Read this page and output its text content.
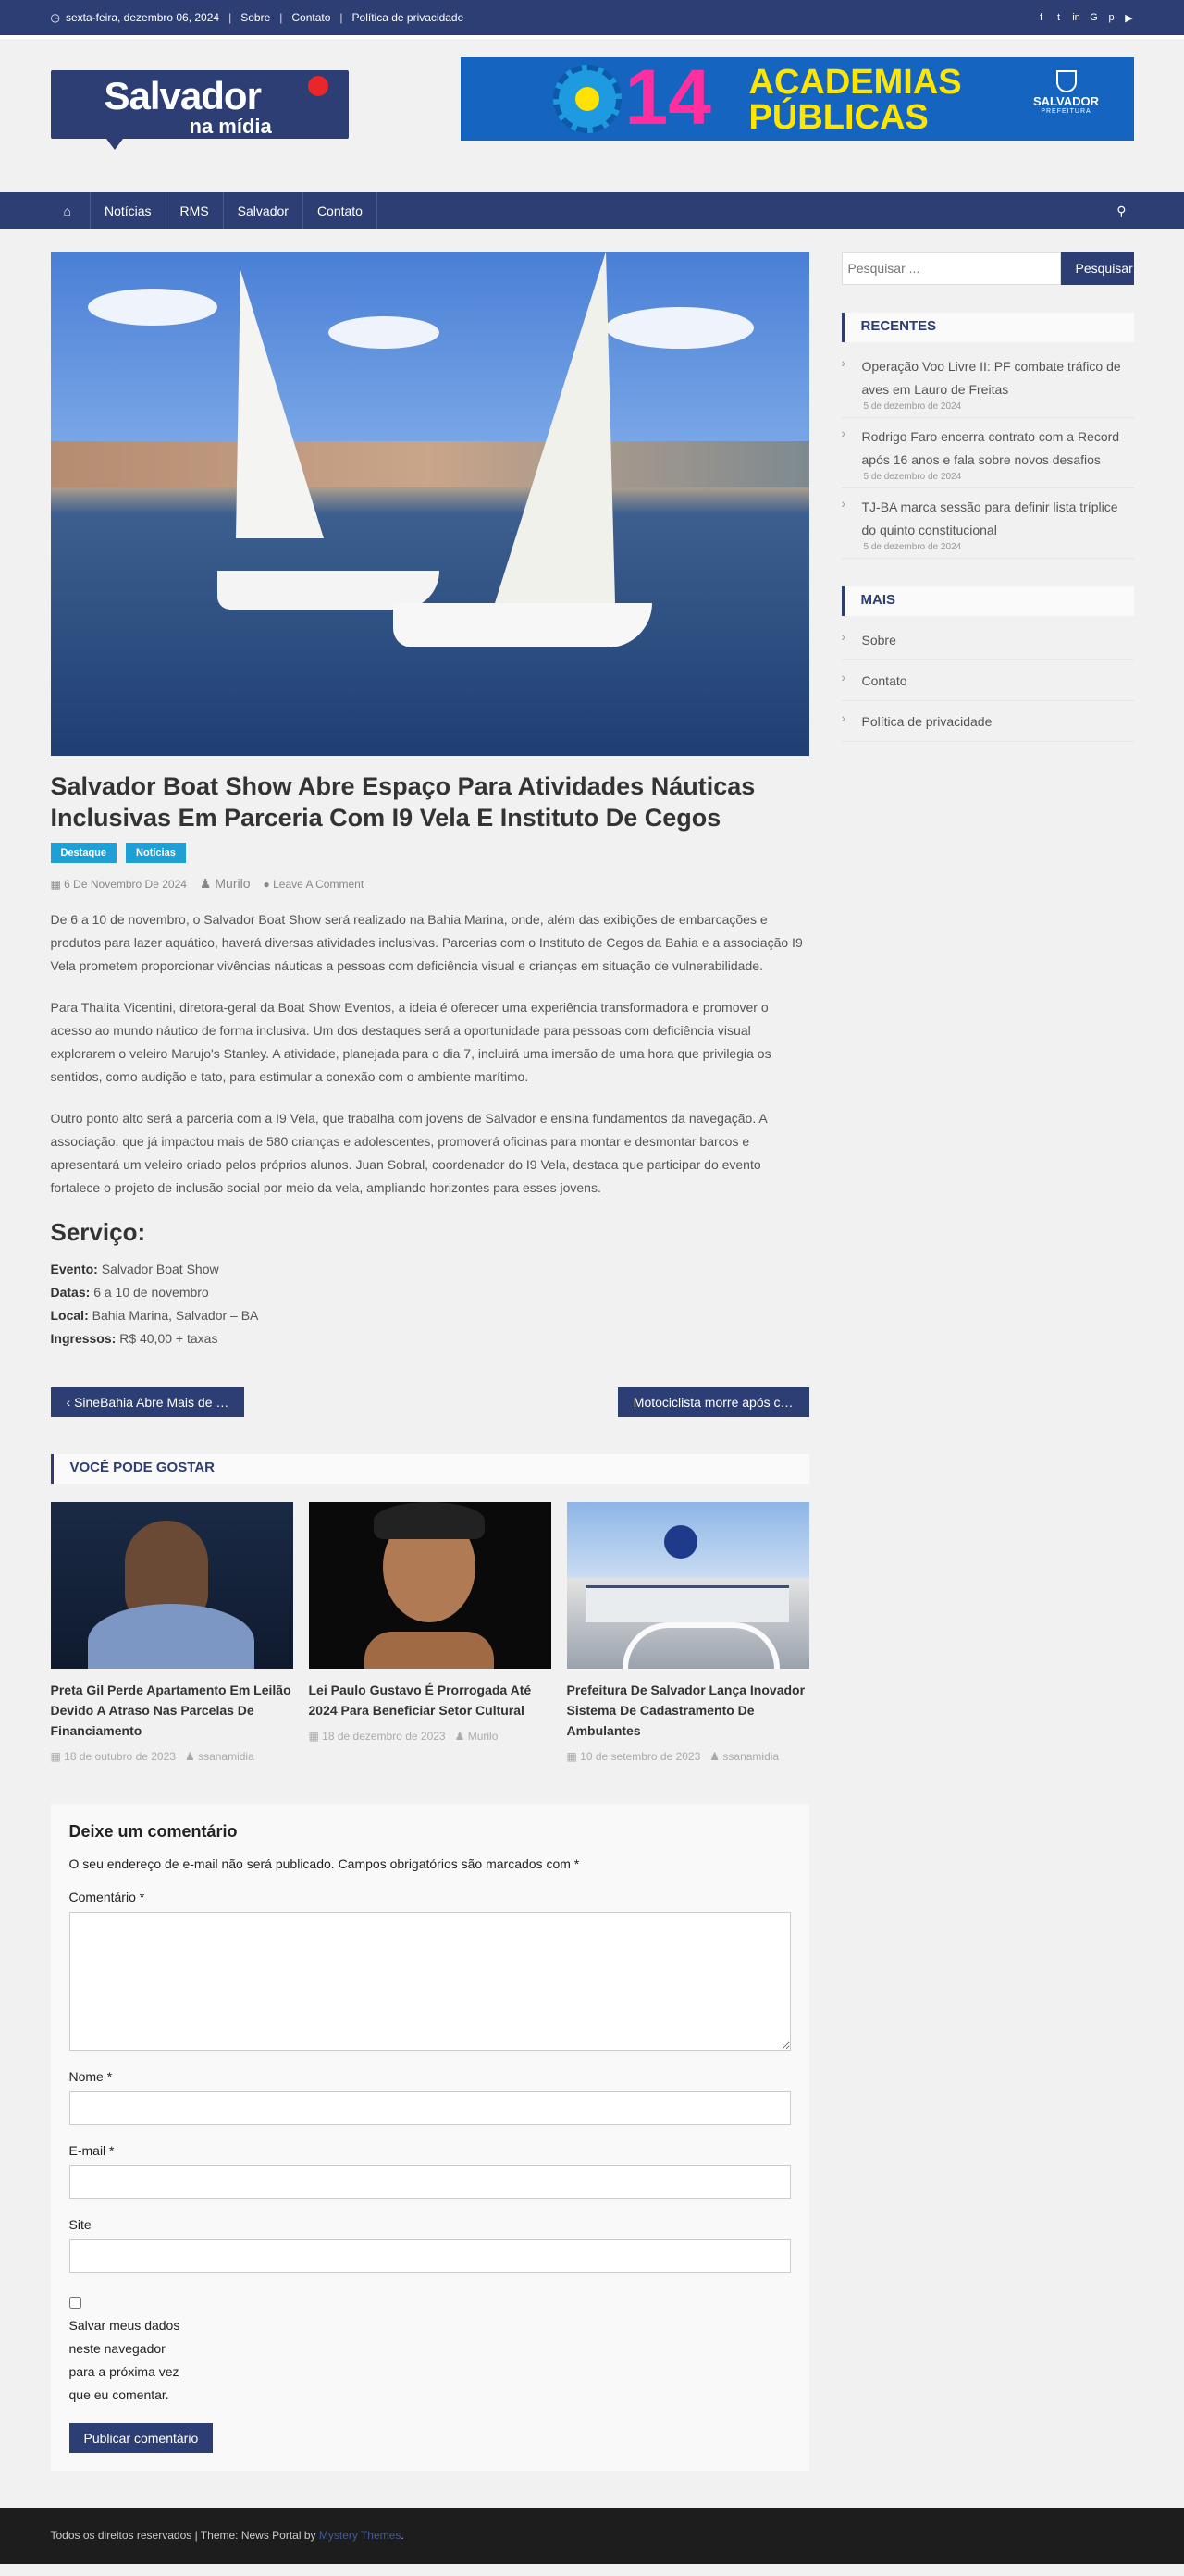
◷ sexta-feira, dezembro 06, 2024 | Sobre | Contato | Política de privacidade	f	t	in G p ▶
Salvador
na mídia	14 ACADEMIAS
PÚBLICAS	SALVADOR
PREFEITURA
⌂	Notícias	RMS	Salvador	Contato	⚲
Salvador Boat Show Abre Espaço Para Atividades Náuticas Inclusivas Em Parceria Com I9 Vela E Instituto De Cegos
Destaque	Notícias
▦ 6 De Novembro De 2024 ♟ Murilo ● Leave A Comment

De 6 a 10 de novembro, o Salvador Boat Show será realizado na Bahia Marina, onde, além das exibições de embarcações e produtos para lazer aquático, haverá diversas atividades inclusivas. Parcerias com o Instituto de Cegos da Bahia e a associação I9 Vela prometem proporcionar vivências náuticas a pessoas com deficiência visual e crianças em situação de vulnerabilidade.

Para Thalita Vicentini, diretora-geral da Boat Show Eventos, a ideia é oferecer uma experiência transformadora e promover o acesso ao mundo náutico de forma inclusiva. Um dos destaques será a oportunidade para pessoas com deficiência visual explorarem o veleiro Marujo's Stanley. A atividade, planejada para o dia 7, incluirá uma imersão de uma hora que privilegia os sentidos, como audição e tato, para estimular a conexão com o ambiente marítimo.

Outro ponto alto será a parceria com a I9 Vela, que trabalha com jovens de Salvador e ensina fundamentos da navegação. A associação, que já impactou mais de 580 crianças e adolescentes, promoverá oficinas para montar e desmontar barcos e apresentará um veleiro criado pelos próprios alunos. Juan Sobral, coordenador do I9 Vela, destaca que participar do evento fortalece o projeto de inclusão social por meio da vela, ampliando horizontes para esses jovens.

Serviço:
Evento: Salvador Boat Show
Datas: 6 a 10 de novembro
Local: Bahia Marina, Salvador – BA
Ingressos: R$ 40,00 + taxas
‹ SineBahia Abre Mais de …	Motociclista morre após c…
VOCÊ PODE GOSTAR
Preta Gil Perde Apartamento Em Leilão Devido A Atraso Nas Parcelas De Financiamento
▦ 18 de outubro de 2023 ♟ ssanamidia
Lei Paulo Gustavo É Prorrogada Até 2024 Para Beneficiar Setor Cultural
▦ 18 de dezembro de 2023 ♟ Murilo
Prefeitura De Salvador Lança Inovador Sistema De Cadastramento De Ambulantes
▦ 10 de setembro de 2023 ♟ ssanamidia
Deixe um comentário
O seu endereço de e-mail não será publicado. Campos obrigatórios são marcados com *
Comentário *
Nome *
E-mail *
Site
Salvar meus dados neste navegador para a próxima vez que eu comentar.
Publicar comentário
Pesquisar ...
Pesquisar
RECENTES
› Operação Voo Livre II: PF combate tráfico de aves em Lauro de Freitas
5 de dezembro de 2024
› Rodrigo Faro encerra contrato com a Record após 16 anos e fala sobre novos desafios
5 de dezembro de 2024
› TJ-BA marca sessão para definir lista tríplice do quinto constitucional
5 de dezembro de 2024
MAIS
› Sobre
› Contato
› Política de privacidade
Todos os direitos reservados | Theme: News Portal by Mystery Themes.
